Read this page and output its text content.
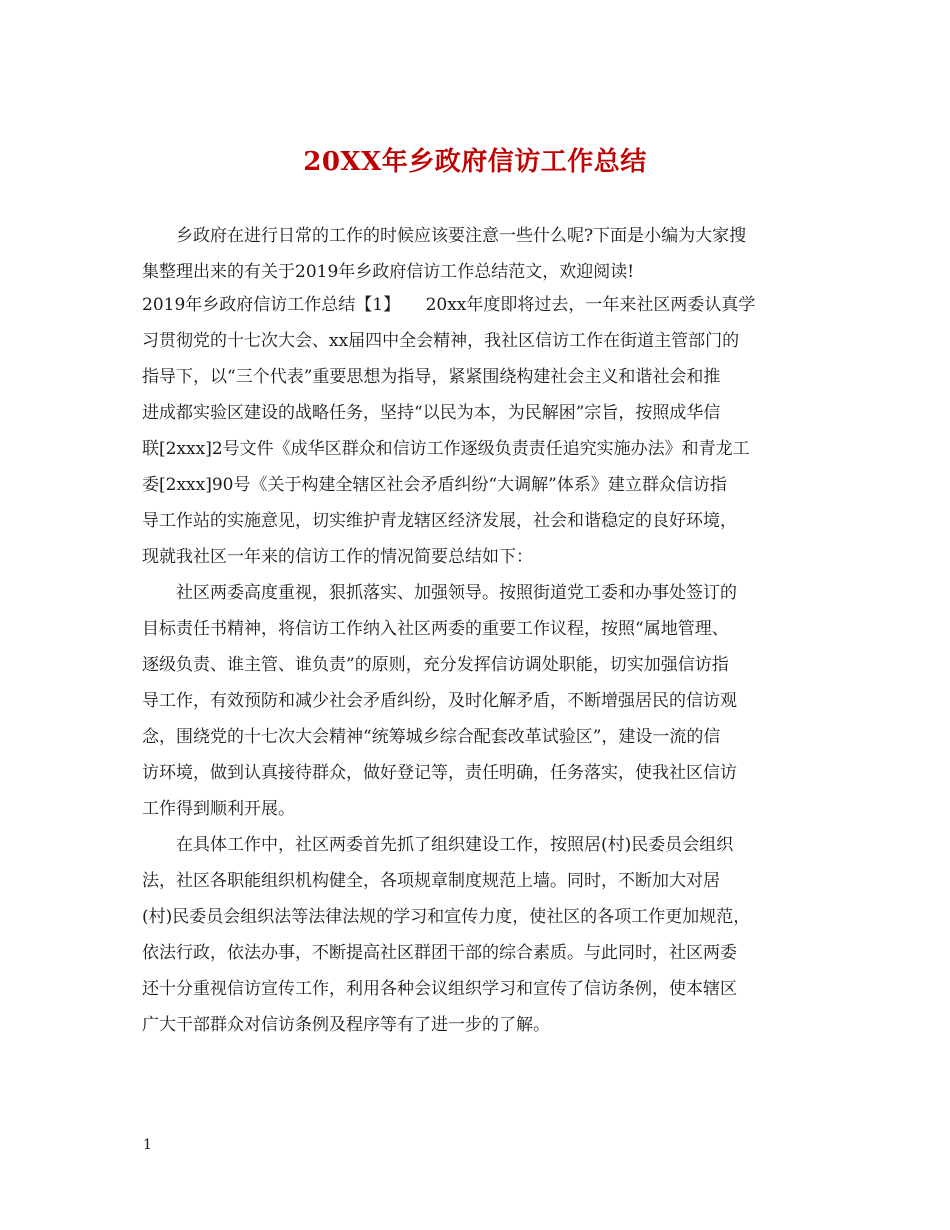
20XX年乡政府信访工作总结
　　乡政府在进行日常的工作的时候应该要注意一些什么呢?下面是小编为大家搜
集整理出来的有关于2019年乡政府信访工作总结范文，欢迎阅读!
2019年乡政府信访工作总结【1】　　20xx年度即将过去，一年来社区两委认真学
习贯彻党的十七次大会、xx届四中全会精神，我社区信访工作在街道主管部门的
指导下，以“三个代表”重要思想为指导，紧紧围绕构建社会主义和谐社会和推
进成都实验区建设的战略任务，坚持“以民为本，为民解困”宗旨，按照成华信
联[2xxx]2号文件《成华区群众和信访工作逐级负责责任追究实施办法》和青龙工
委[2xxx]90号《关于构建全辖区社会矛盾纠纷“大调解”体系》建立群众信访指
导工作站的实施意见，切实维护青龙辖区经济发展，社会和谐稳定的良好环境，
现就我社区一年来的信访工作的情况简要总结如下：
　　社区两委高度重视，狠抓落实、加强领导。按照街道党工委和办事处签订的
目标责任书精神，将信访工作纳入社区两委的重要工作议程，按照“属地管理、
逐级负责、谁主管、谁负责”的原则，充分发挥信访调处职能，切实加强信访指
导工作，有效预防和减少社会矛盾纠纷，及时化解矛盾，不断增强居民的信访观
念，围绕党的十七次大会精神“统筹城乡综合配套改革试验区”，建设一流的信
访环境，做到认真接待群众，做好登记等，责任明确，任务落实，使我社区信访
工作得到顺利开展。
　　在具体工作中，社区两委首先抓了组织建设工作，按照居(村)民委员会组织
法，社区各职能组织机构健全，各项规章制度规范上墙。同时，不断加大对居
(村)民委员会组织法等法律法规的学习和宣传力度，使社区的各项工作更加规范，
依法行政，依法办事，不断提高社区群团干部的综合素质。与此同时，社区两委
还十分重视信访宣传工作，利用各种会议组织学习和宣传了信访条例，使本辖区
广大干部群众对信访条例及程序等有了进一步的了解。
1
